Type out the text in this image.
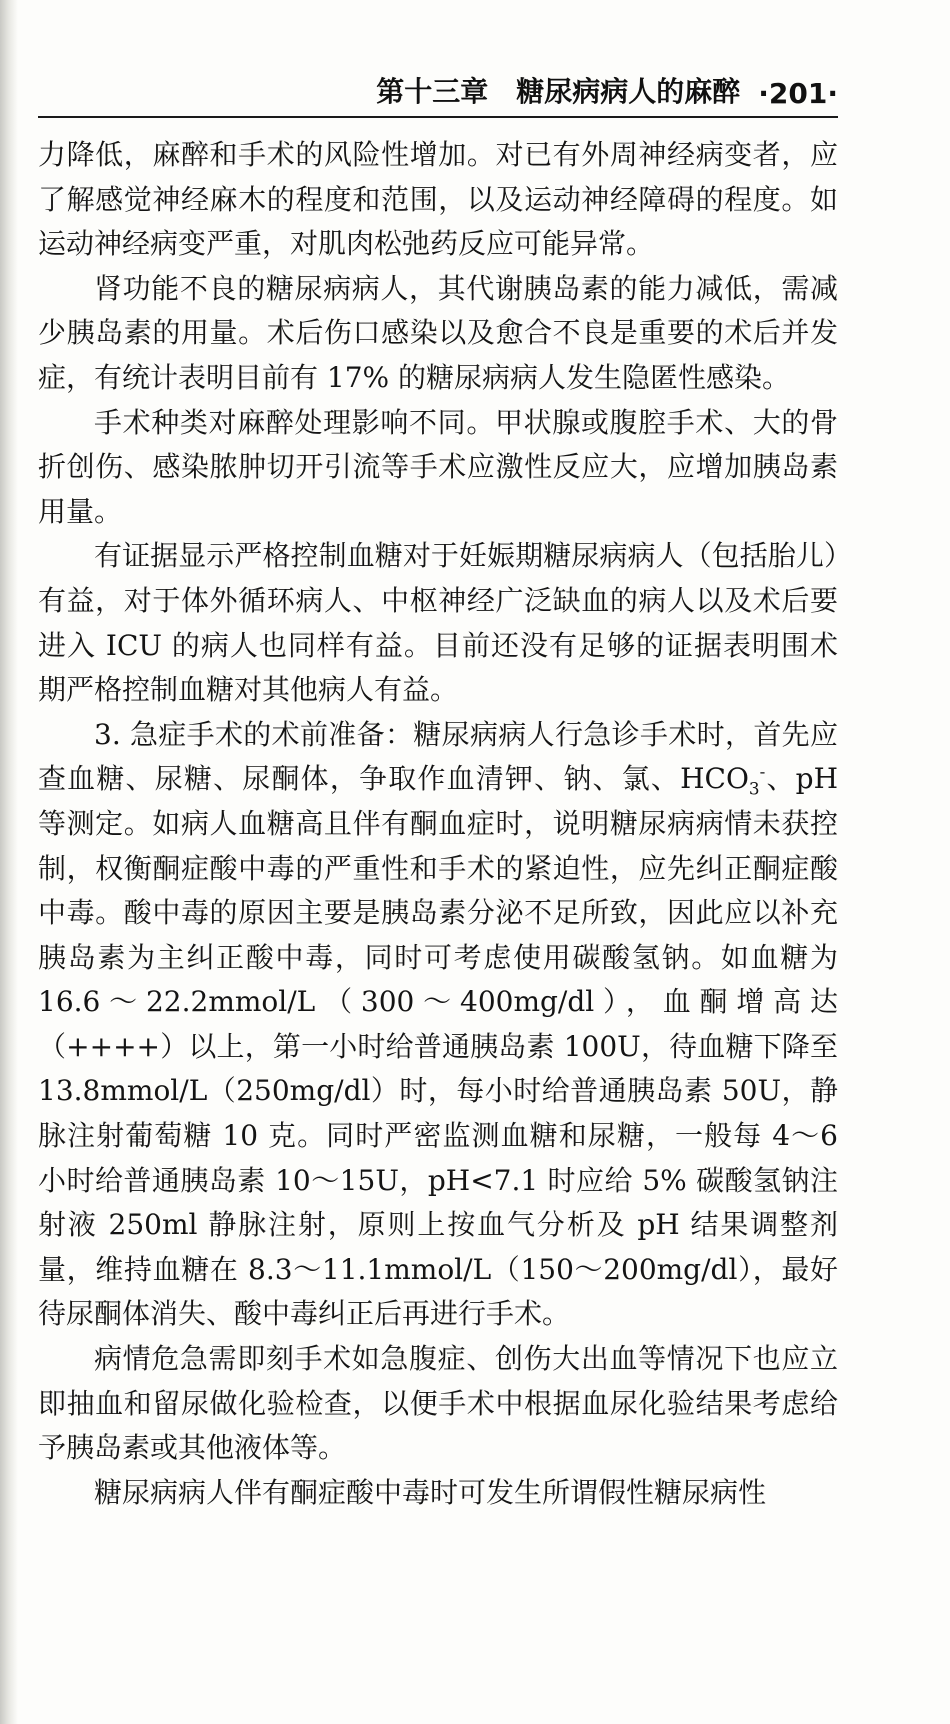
第十三章 糖尿病病人的麻醉 ·201·

力降低，麻醉和手术的风险性增加。对已有外周神经病变者，应了解感觉神经麻木的程度和范围，以及运动神经障碍的程度。如运动神经病变严重，对肌肉松弛药反应可能异常。

肾功能不良的糖尿病病人，其代谢胰岛素的能力减低，需减少胰岛素的用量。术后伤口感染以及愈合不良是重要的术后并发症，有统计表明目前有 17% 的糖尿病病人发生隐匿性感染。

手术种类对麻醉处理影响不同。甲状腺或腹腔手术、大的骨折创伤、感染脓肿切开引流等手术应激性反应大，应增加胰岛素用量。

有证据显示严格控制血糖对于妊娠期糖尿病病人（包括胎儿）有益，对于体外循环病人、中枢神经广泛缺血的病人以及术后要进入 ICU 的病人也同样有益。目前还没有足够的证据表明围术期严格控制血糖对其他病人有益。

3. 急症手术的术前准备：糖尿病病人行急诊手术时，首先应查血糖、尿糖、尿酮体，争取作血清钾、钠、氯、$HCO_3^-$、pH 等测定。如病人血糖高且伴有酮血症时，说明糖尿病病情未获控制，权衡酮症酸中毒的严重性和手术的紧迫性，应先纠正酮症酸中毒。酸中毒的原因主要是胰岛素分泌不足所致，因此应以补充胰岛素为主纠正酸中毒，同时可考虑使用碳酸氢钠。如血糖为 16.6～22.2mmol/L（300～400mg/dl），血酮增高达（++++）以上，第一小时给普通胰岛素 100U，待血糖下降至 13.8mmol/L（250mg/dl）时，每小时给普通胰岛素 50U，静脉注射葡萄糖 10 克。同时严密监测血糖和尿糖，一般每 4～6 小时给普通胰岛素 10～15U，pH<7.1 时应给 5% 碳酸氢钠注射液 250ml 静脉注射，原则上按血气分析及 pH 结果调整剂量，维持血糖在 8.3～11.1mmol/L（150～200mg/dl），最好待尿酮体消失、酸中毒纠正后再进行手术。

病情危急需即刻手术如急腹症、创伤大出血等情况下也应立即抽血和留尿做化验检查，以便手术中根据血尿化验结果考虑给予胰岛素或其他液体等。

糖尿病病人伴有酮症酸中毒时可发生所谓假性糖尿病性
